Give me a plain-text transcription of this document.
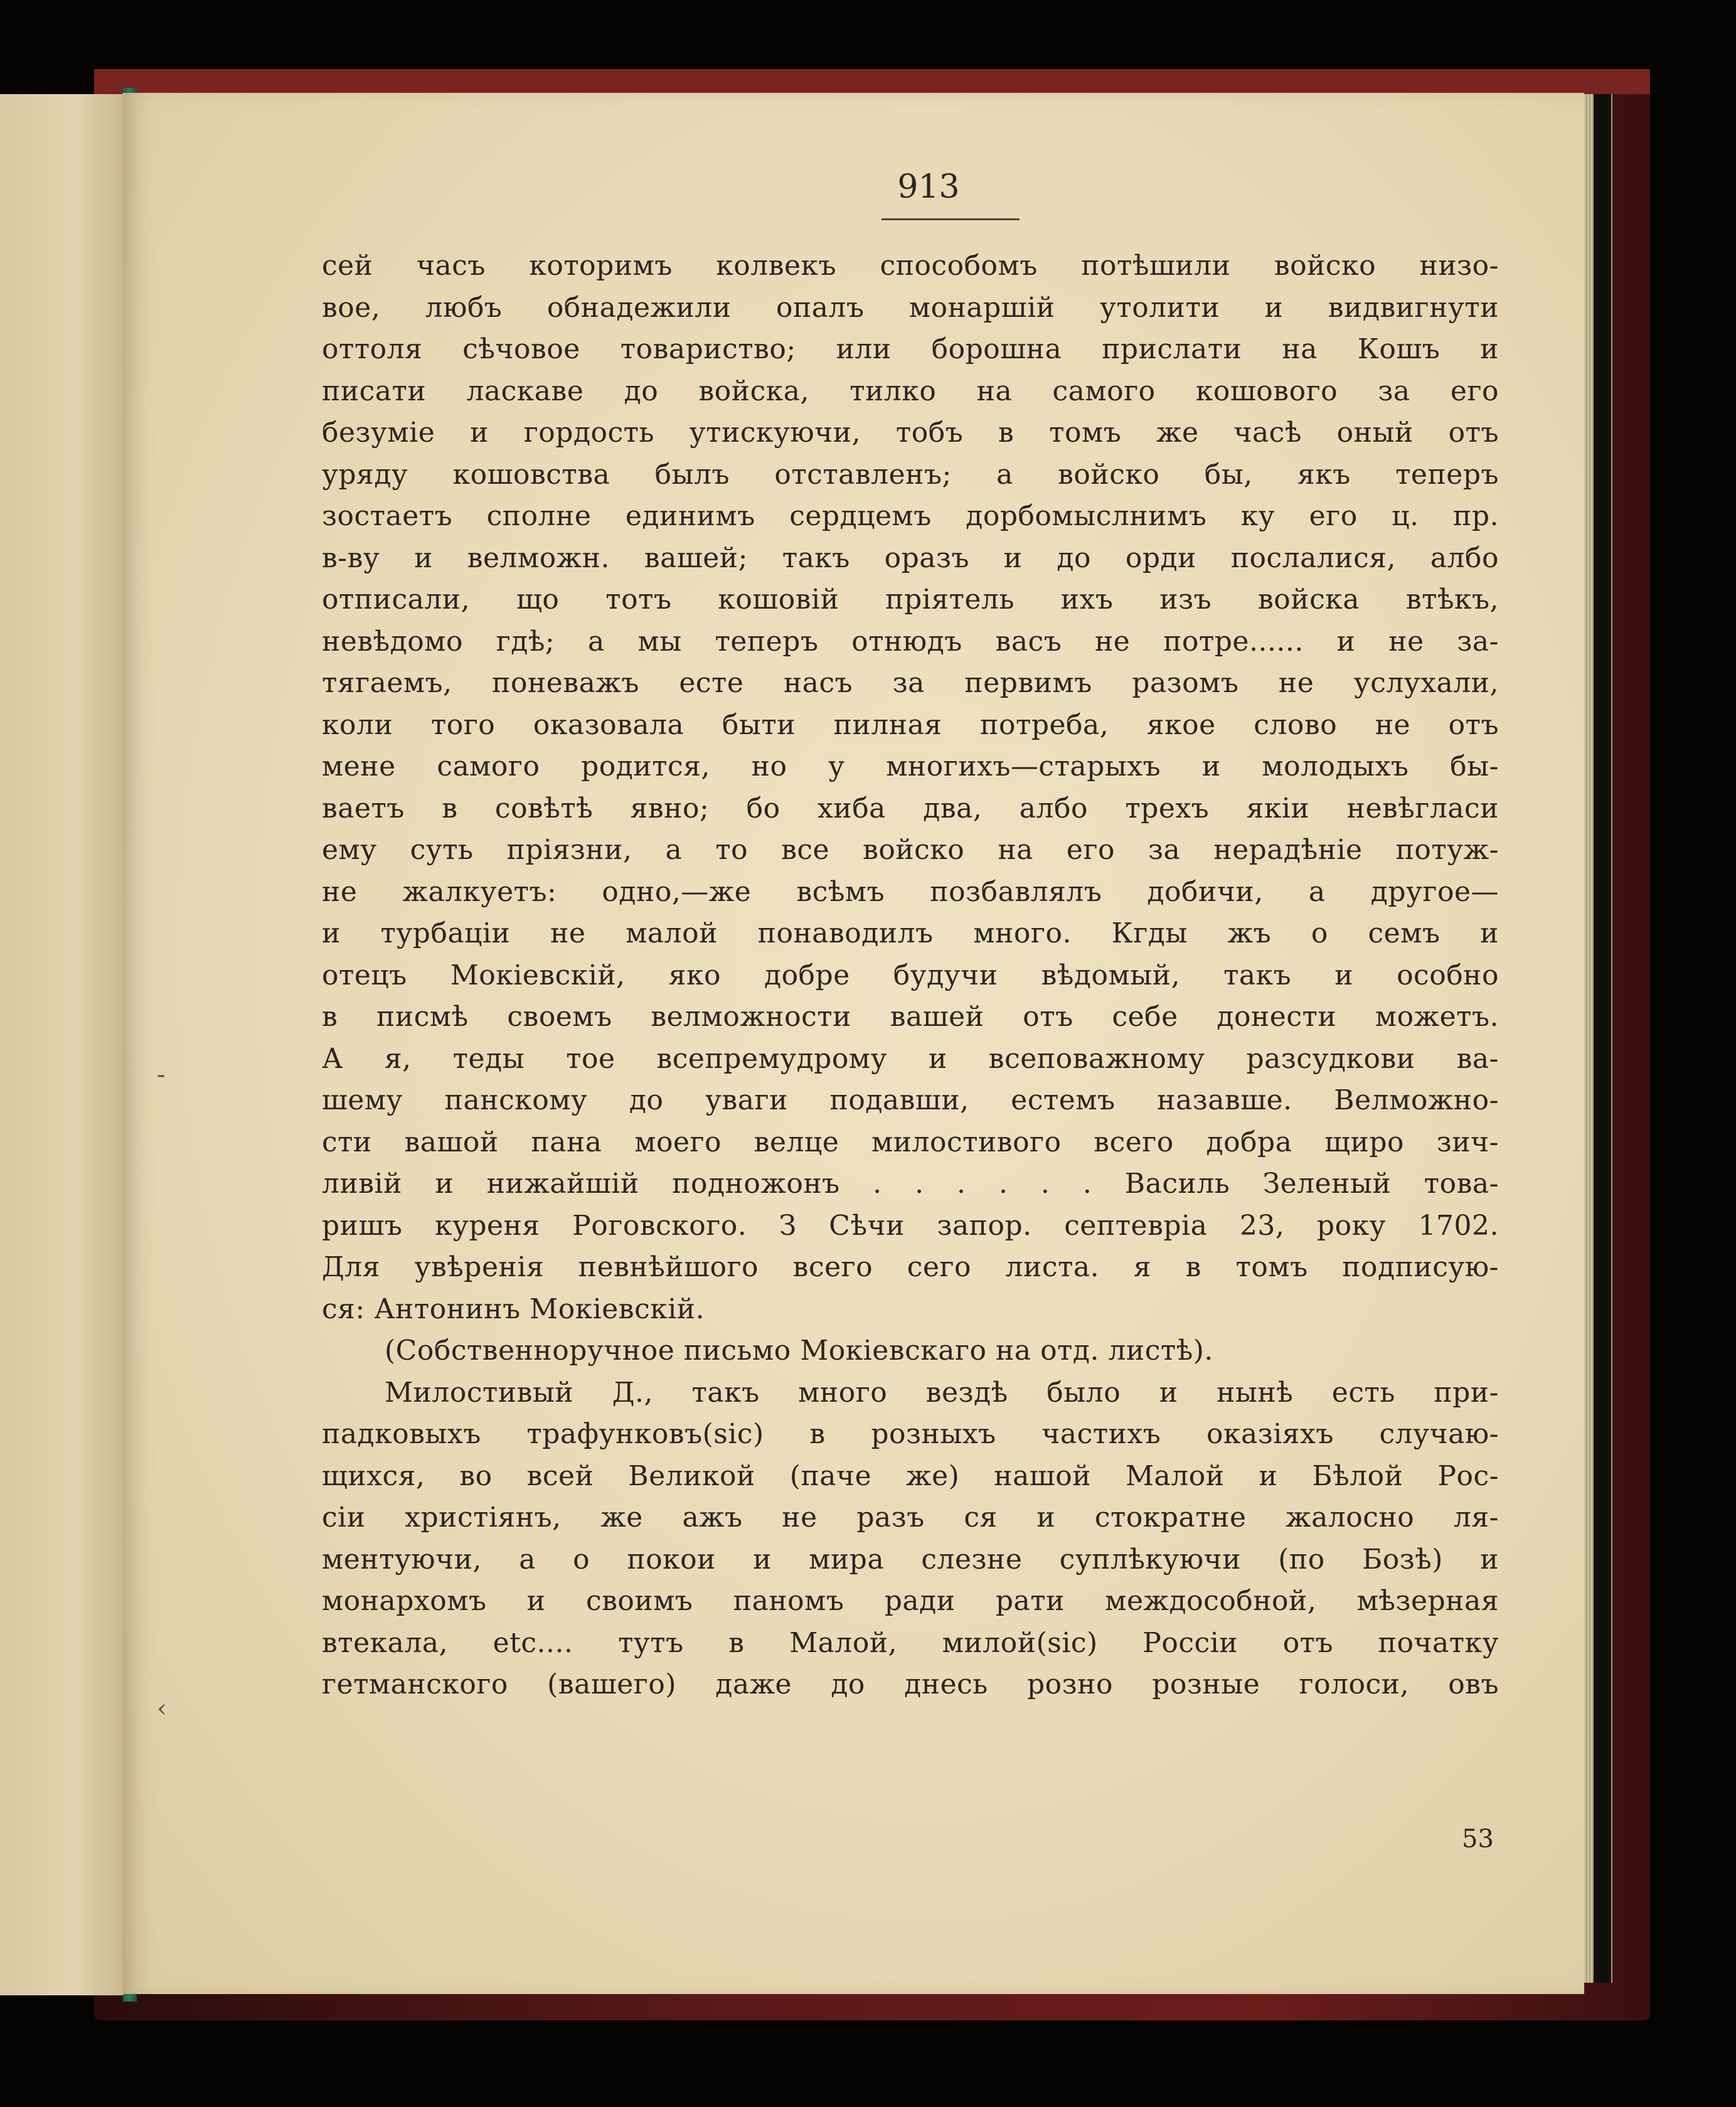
913
сей часъ которимъ колвекъ способомъ потѣшили войско низо-
вое, любъ обнадежили опалъ монаршiй утолити и видвигнути
оттоля сѣчовое товариство; или борошна прислати на Кошъ и
писати ласкаве до войска, тилко на самого кошового за его
безумiе и гордость утискуючи, тобъ в томъ же часѣ оный отъ
уряду кошовства былъ отставленъ; а войско бы, якъ теперъ
зостаетъ сполне единимъ сердцемъ дорбомыслнимъ ку его ц. пр.
в-ву и велможн. вашей; такъ оразъ и до орди послалися, албо
отписали, що тотъ кошовiй прiятель ихъ изъ войска втѣкъ,
невѣдомо гдѣ; а мы теперъ отнюдъ васъ не потре...... и не за-
тягаемъ, поневажъ есте насъ за первимъ разомъ не услухали,
коли того оказовала быти пилная потреба, якое слово не отъ
мене самого родится, но у многихъ—старыхъ и молодыхъ бы-
ваетъ в совѣтѣ явно; бо хиба два, албо трехъ якiи невѣгласи
ему суть прiязни, а то все войско на его за нерадѣнiе потуж-
не жалкуетъ: одно,—же всѣмъ позбавлялъ добичи, а другое—
и турбацiи не малой понаводилъ много. Кгды жъ о семъ и
отецъ Мокiевскiй, яко добре будучи вѣдомый, такъ и особно
в писмѣ своемъ велможности вашей отъ себе донести можетъ.
А я, теды тое всепремудрому и всеповажному разсудкови ва-
шему панскому до уваги подавши, естемъ назавше. Велможно-
сти вашой пана моего велце милостивого всего добра щиро зич-
ливiй и нижайшiй подножонъ . . . . . . Василь Зеленый това-
ришъ куреня Роговского. З Сѣчи запор. септеврiа 23, року 1702.
Для увѣренiя певнѣйшого всего сего листа. я в томъ подписую-
ся: Антонинъ Мокiевскiй.
(Собственноручное письмо Мокiевскаго на отд. листѣ).
Милостивый Д., такъ много вездѣ было и нынѣ есть при-
падковыхъ трафунковъ(sic) в розныхъ частихъ оказiяхъ случаю-
щихся, во всей Великой (паче же) нашой Малой и Бѣлой Рос-
сiи христiянъ, же ажъ не разъ ся и стократне жалосно ля-
ментуючи, а о покои и мира слезне суплѣкуючи (по Бозѣ) и
монархомъ и своимъ паномъ ради рати междособной, мѣзерная
втекала, etc.... тутъ в Малой, милой(sic) Россiи отъ початку
гетманского (вашего) даже до днесь розно розные голоси, овъ
53
-
‹
